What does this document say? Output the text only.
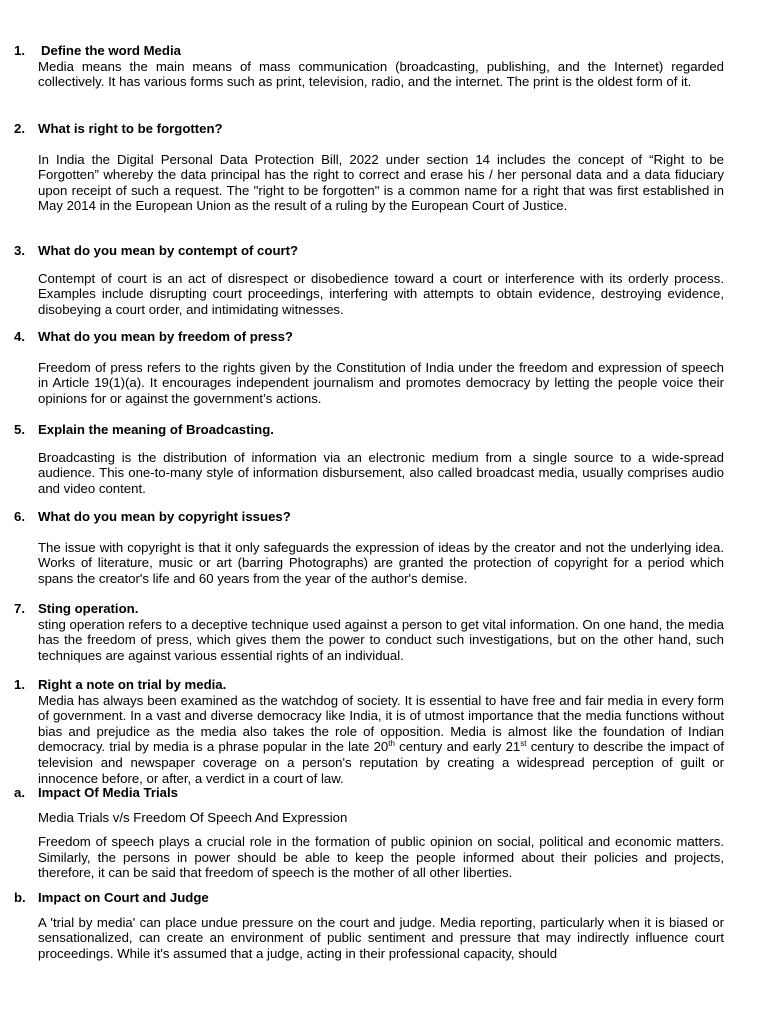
1. Define the word Media
Media means the main means of mass communication (broadcasting, publishing, and the Internet) regarded collectively. It has various forms such as print, television, radio, and the internet. The print is the oldest form of it.
2. What is right to be forgotten?
In India the Digital Personal Data Protection Bill, 2022 under section 14 includes the concept of “Right to be Forgotten” whereby the data principal has the right to correct and erase his / her personal data and a data fiduciary upon receipt of such a request. The "right to be forgotten" is a common name for a right that was first established in May 2014 in the European Union as the result of a ruling by the European Court of Justice.
3. What do you mean by contempt of court?
Contempt of court is an act of disrespect or disobedience toward a court or interference with its orderly process. Examples include disrupting court proceedings, interfering with attempts to obtain evidence, destroying evidence, disobeying a court order, and intimidating witnesses.
4. What do you mean by freedom of press?
Freedom of press refers to the rights given by the Constitution of India under the freedom and expression of speech in Article 19(1)(a). It encourages independent journalism and promotes democracy by letting the people voice their opinions for or against the government’s actions.
5. Explain the meaning of Broadcasting.
Broadcasting is the distribution of information via an electronic medium from a single source to a wide-spread audience. This one-to-many style of information disbursement, also called broadcast media, usually comprises audio and video content.
6. What do you mean by copyright issues?
The issue with copyright is that it only safeguards the expression of ideas by the creator and not the underlying idea. Works of literature, music or art (barring Photographs) are granted the protection of copyright for a period which spans the creator's life and 60 years from the year of the author's demise.
7. Sting operation.
sting operation refers to a deceptive technique used against a person to get vital information. On one hand, the media has the freedom of press, which gives them the power to conduct such investigations, but on the other hand, such techniques are against various essential rights of an individual.
1. Right a note on trial by media.
Media has always been examined as the watchdog of society. It is essential to have free and fair media in every form of government. In a vast and diverse democracy like India, it is of utmost importance that the media functions without bias and prejudice as the media also takes the role of opposition. Media is almost like the foundation of Indian democracy. trial by media is a phrase popular in the late 20th century and early 21st century to describe the impact of television and newspaper coverage on a person's reputation by creating a widespread perception of guilt or innocence before, or after, a verdict in a court of law.
a. Impact Of Media Trials
Media Trials v/s Freedom Of Speech And Expression
Freedom of speech plays a crucial role in the formation of public opinion on social, political and economic matters. Similarly, the persons in power should be able to keep the people informed about their policies and projects, therefore, it can be said that freedom of speech is the mother of all other liberties.
b. Impact on Court and Judge
A 'trial by media' can place undue pressure on the court and judge. Media reporting, particularly when it is biased or sensationalized, can create an environment of public sentiment and pressure that may indirectly influence court proceedings. While it's assumed that a judge, acting in their professional capacity, should
